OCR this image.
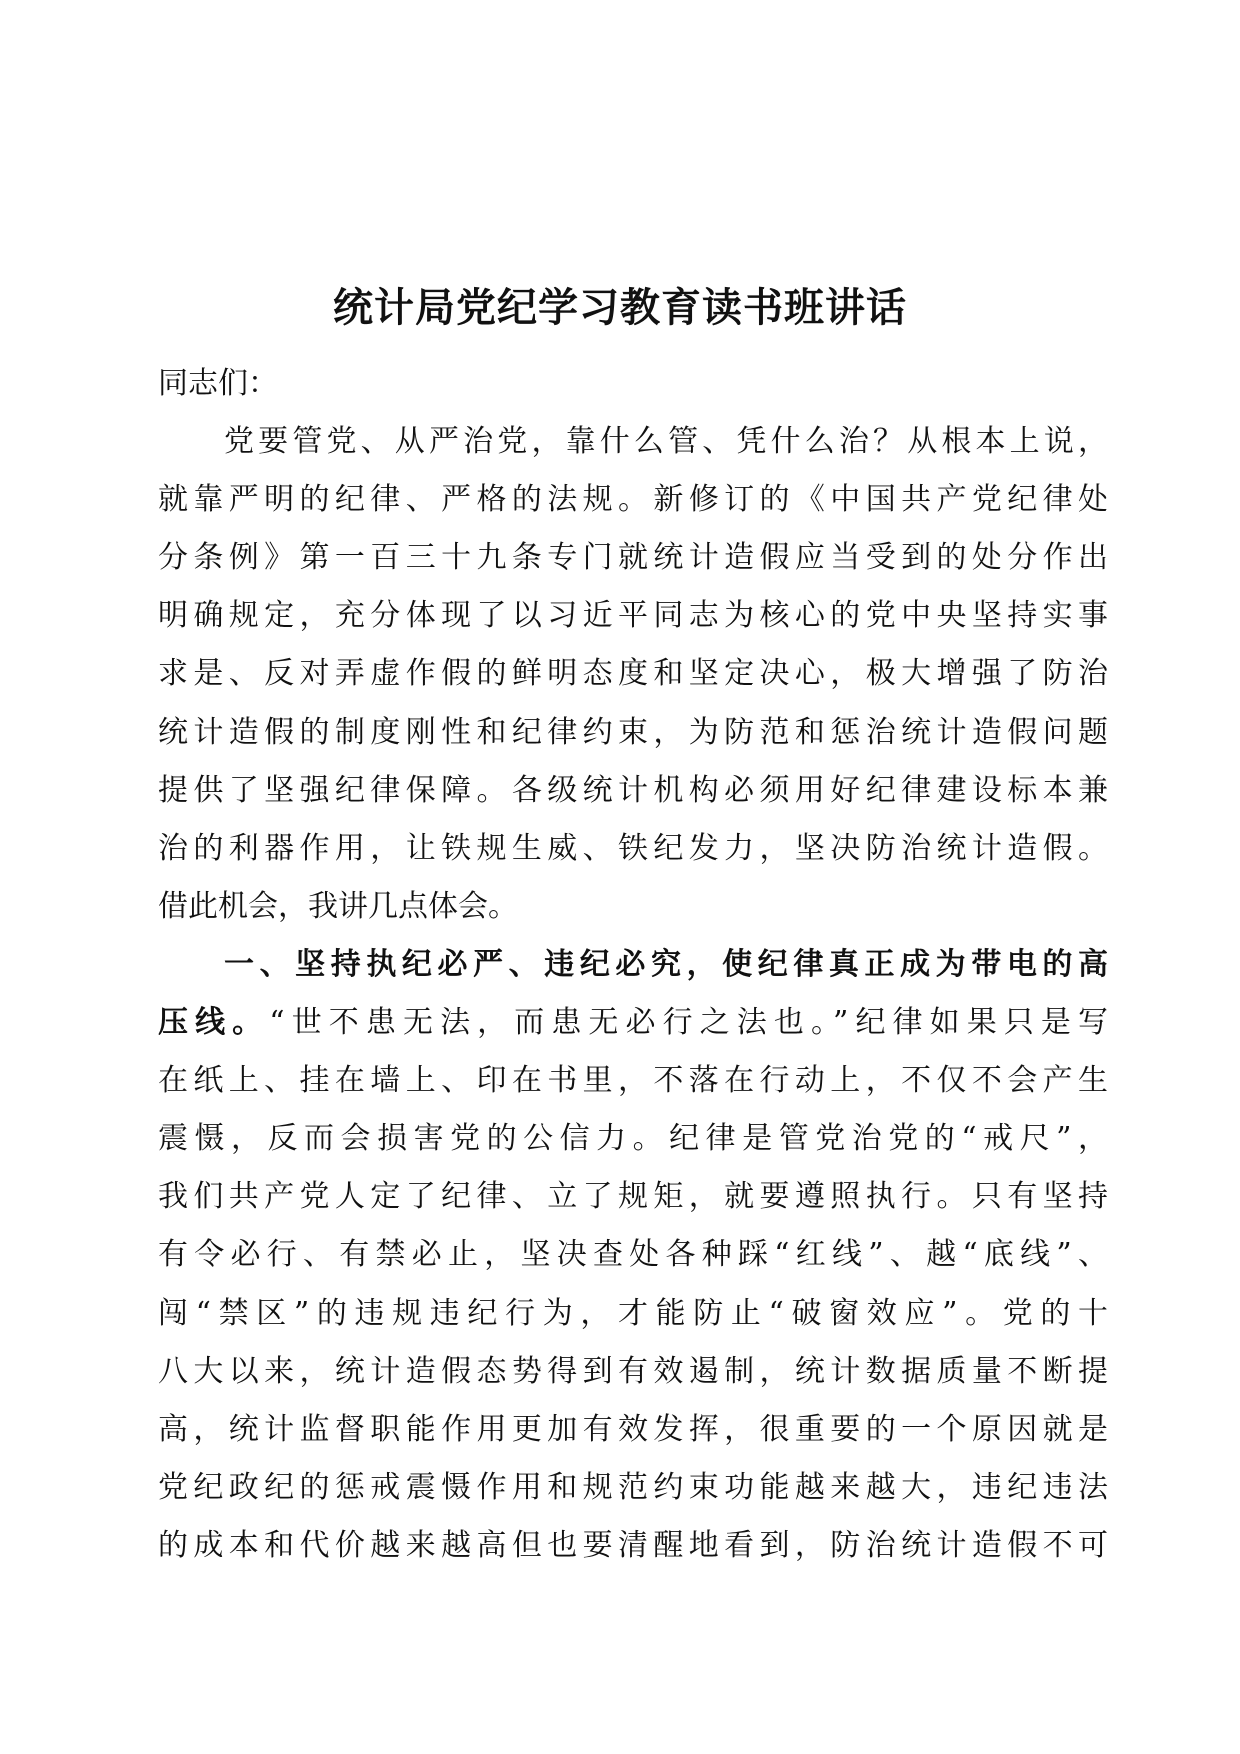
统计局党纪学习教育读书班讲话
同志们：
党要管党、从严治党，靠什么管、凭什么治？从根本上说，
就靠严明的纪律、严格的法规。新修订的《中国共产党纪律处
分条例》第一百三十九条专门就统计造假应当受到的处分作出
明确规定，充分体现了以习近平同志为核心的党中央坚持实事
求是、反对弄虚作假的鲜明态度和坚定决心，极大增强了防治
统计造假的制度刚性和纪律约束，为防范和惩治统计造假问题
提供了坚强纪律保障。各级统计机构必须用好纪律建设标本兼
治的利器作用，让铁规生威、铁纪发力，坚决防治统计造假。
借此机会，我讲几点体会。
一、坚持执纪必严、违纪必究，使纪律真正成为带电的高
压线。“世不患无法，而患无必行之法也。”纪律如果只是写
在纸上、挂在墙上、印在书里，不落在行动上，不仅不会产生
震慑，反而会损害党的公信力。纪律是管党治党的“戒尺”，
我们共产党人定了纪律、立了规矩，就要遵照执行。只有坚持
有令必行、有禁必止，坚决查处各种踩“红线”、越“底线”、
闯“禁区”的违规违纪行为，才能防止“破窗效应”。党的十
八大以来，统计造假态势得到有效遏制，统计数据质量不断提
高，统计监督职能作用更加有效发挥，很重要的一个原因就是
党纪政纪的惩戒震慑作用和规范约束功能越来越大，违纪违法
的成本和代价越来越高但也要清醒地看到，防治统计造假不可
